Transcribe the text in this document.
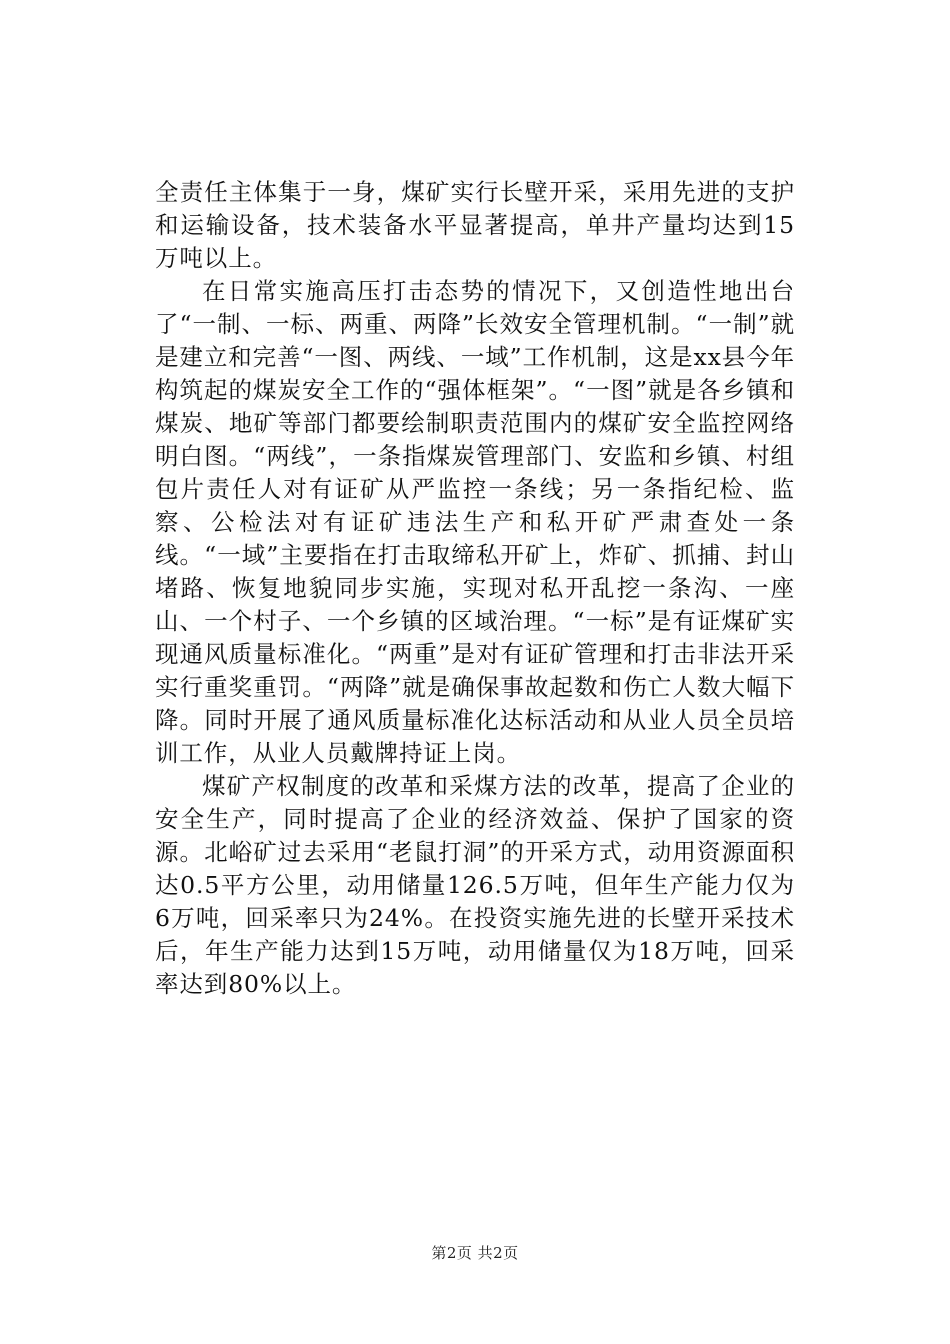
全责任主体集于一身，煤矿实行长壁开采，采用先进的支护和运输设备，技术装备水平显著提高，单井产量均达到15万吨以上。

在日常实施高压打击态势的情况下，又创造性地出台了“一制、一标、两重、两降”长效安全管理机制。“一制”就是建立和完善“一图、两线、一域”工作机制，这是xx县今年构筑起的煤炭安全工作的“强体框架”。“一图”就是各乡镇和煤炭、地矿等部门都要绘制职责范围内的煤矿安全监控网络明白图。“两线”，一条指煤炭管理部门、安监和乡镇、村组包片责任人对有证矿从严监控一条线；另一条指纪检、监察、公检法对有证矿违法生产和私开矿严肃查处一条线。“一域”主要指在打击取缔私开矿上，炸矿、抓捕、封山堵路、恢复地貌同步实施，实现对私开乱挖一条沟、一座山、一个村子、一个乡镇的区域治理。“一标”是有证煤矿实现通风质量标准化。“两重”是对有证矿管理和打击非法开采实行重奖重罚。“两降”就是确保事故起数和伤亡人数大幅下降。同时开展了通风质量标准化达标活动和从业人员全员培训工作，从业人员戴牌持证上岗。

煤矿产权制度的改革和采煤方法的改革，提高了企业的安全生产，同时提高了企业的经济效益、保护了国家的资源。北峪矿过去采用“老鼠打洞”的开采方式，动用资源面积达0.5平方公里，动用储量126.5万吨，但年生产能力仅为6万吨，回采率只为24%。在投资实施先进的长壁开采技术后，年生产能力达到15万吨，动用储量仅为18万吨，回采率达到80%以上。

第2页 共2页
